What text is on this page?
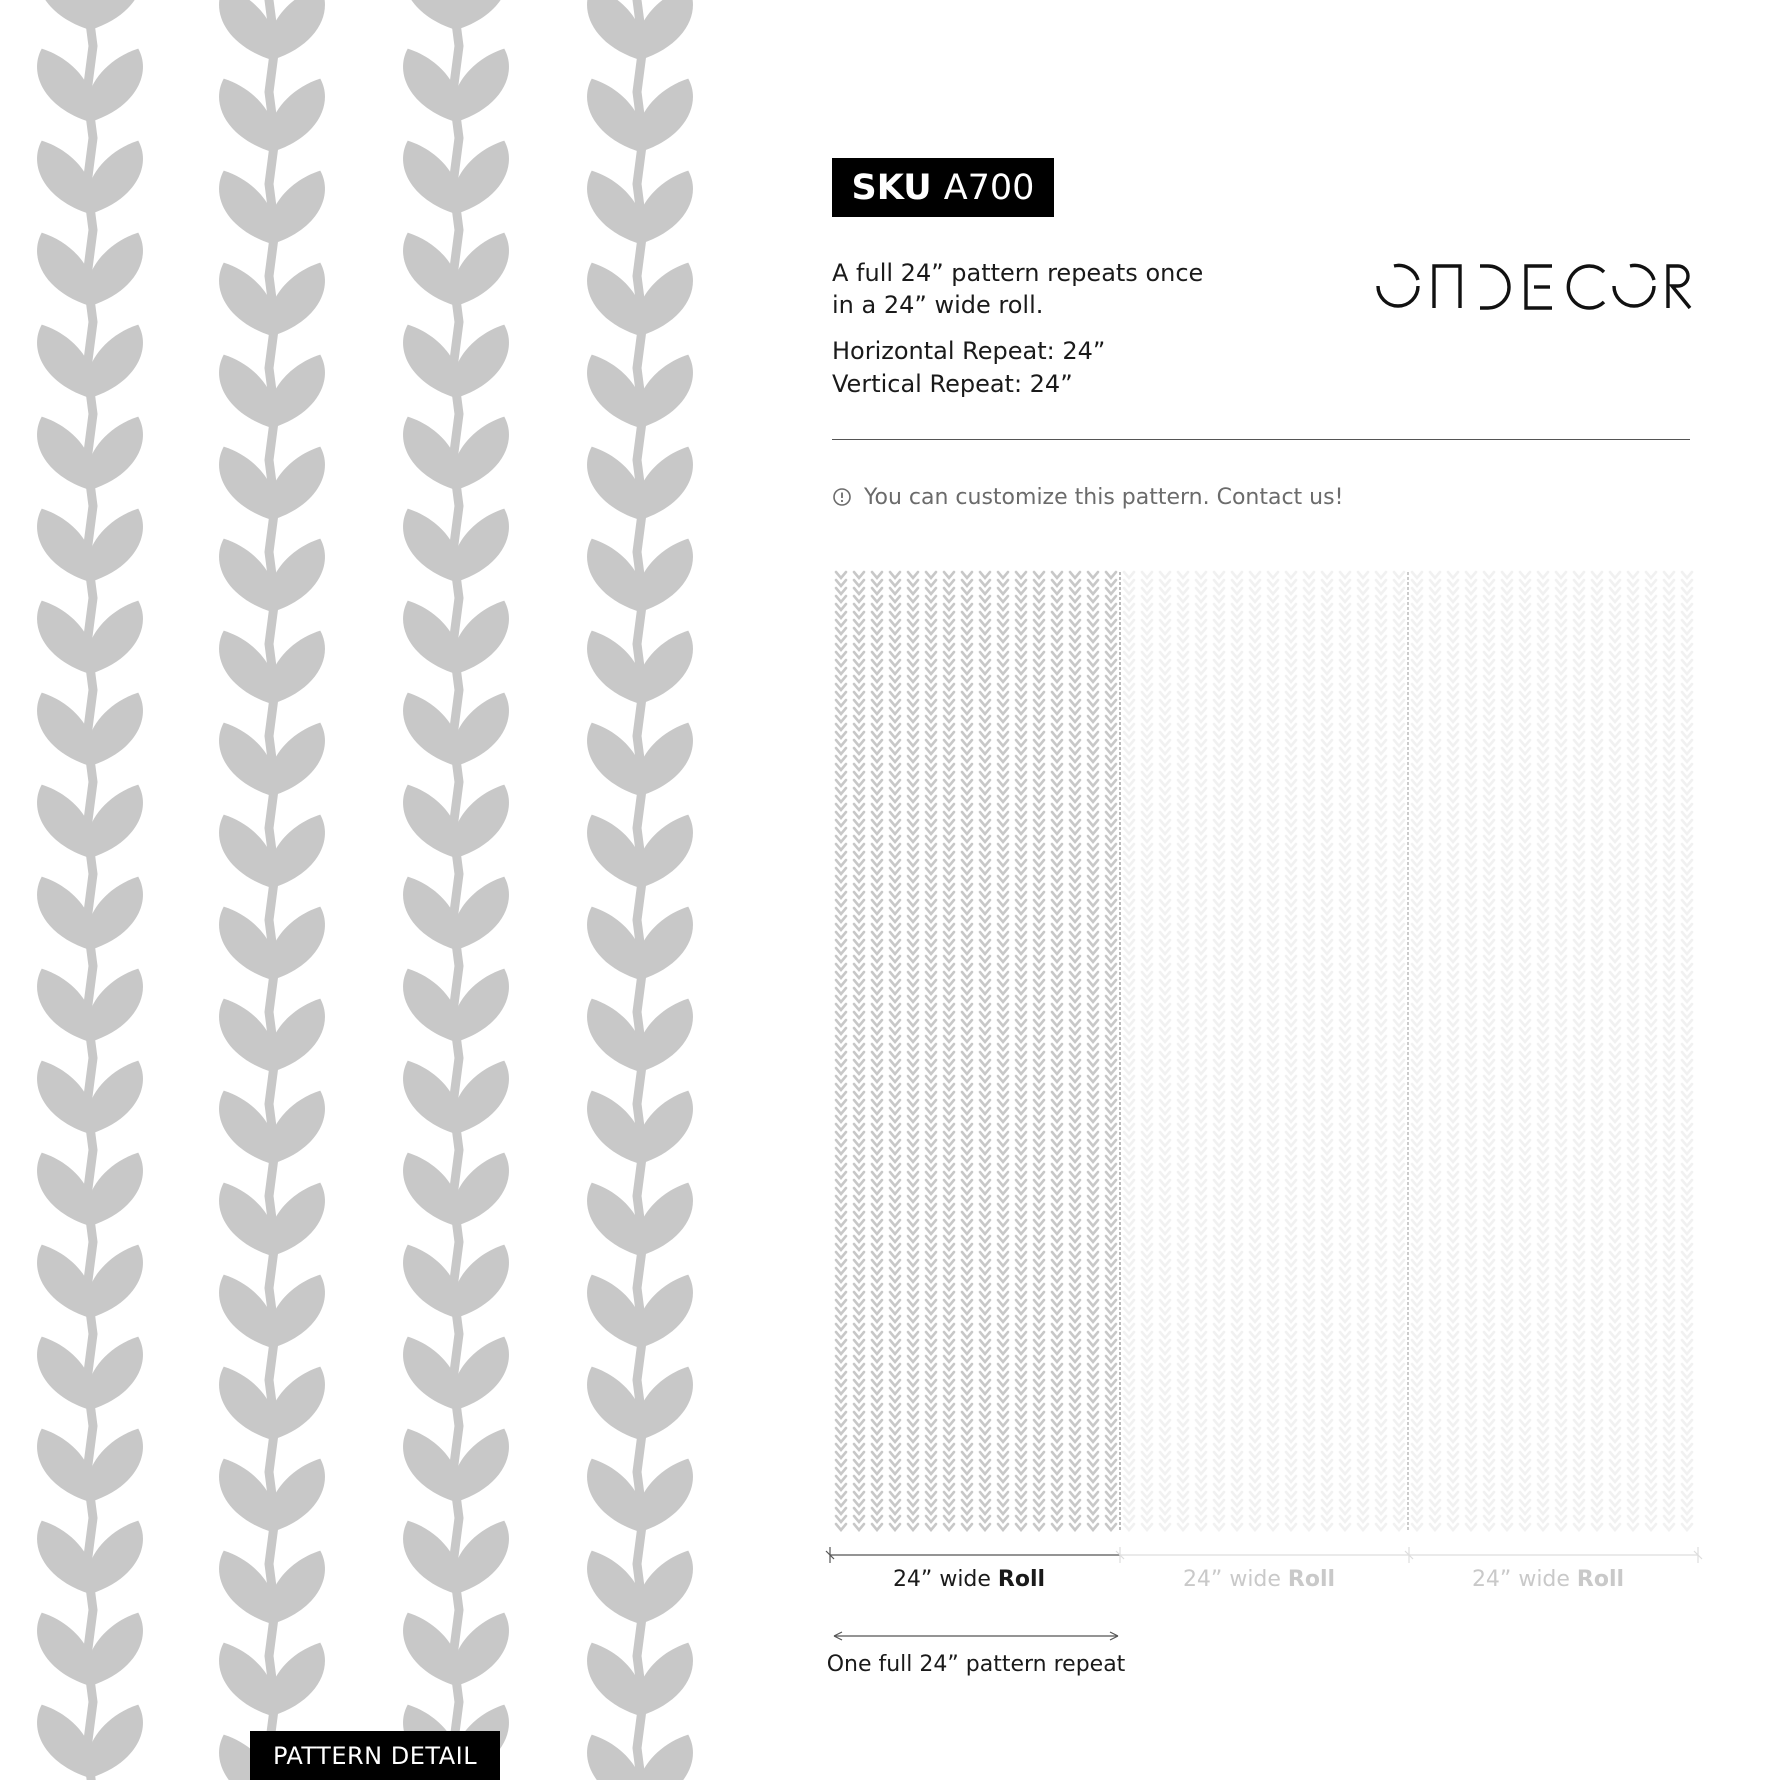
PATTERN DETAIL
SKU A700
A full 24” pattern repeats once
in a 24” wide roll.
Horizontal Repeat: 24”
Vertical Repeat: 24”
You can customize this pattern. Contact us!
24” wide Roll	24” wide Roll	24” wide Roll
One full 24” pattern repeat
